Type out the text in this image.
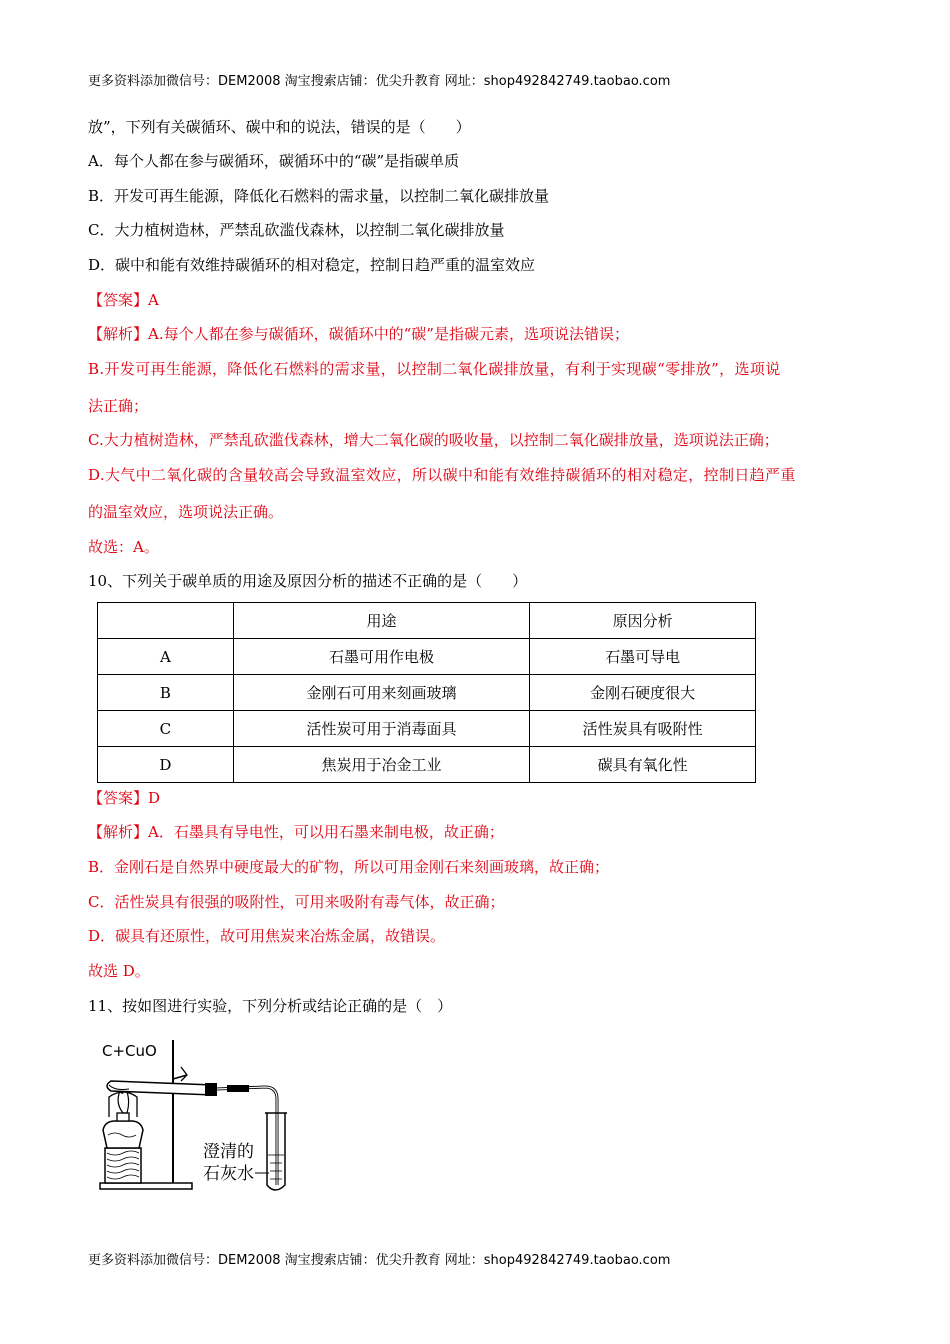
更多资料添加微信号：DEM2008 淘宝搜索店铺：优尖升教育 网址：shop492842749.taobao.com
放”，下列有关碳循环、碳中和的说法，错误的是（　　）
A．每个人都在参与碳循环，碳循环中的“碳”是指碳单质
B．开发可再生能源，降低化石燃料的需求量，以控制二氧化碳排放量
C．大力植树造林，严禁乱砍滥伐森林，以控制二氧化碳排放量
D．碳中和能有效维持碳循环的相对稳定，控制日趋严重的温室效应
【答案】A
【解析】A.每个人都在参与碳循环，碳循环中的“碳”是指碳元素，选项说法错误；
B.开发可再生能源，降低化石燃料的需求量，以控制二氧化碳排放量，有利于实现碳“零排放”，选项说
法正确；
C.大力植树造林，严禁乱砍滥伐森林，增大二氧化碳的吸收量，以控制二氧化碳排放量，选项说法正确；
D.大气中二氧化碳的含量较高会导致温室效应，所以碳中和能有效维持碳循环的相对稳定，控制日趋严重
的温室效应，选项说法正确。
故选：A。
10、下列关于碳单质的用途及原因分析的描述不正确的是（　　）
	用途	原因分析
A	石墨可用作电极	石墨可导电
B	金刚石可用来刻画玻璃	金刚石硬度很大
C	活性炭可用于消毒面具	活性炭具有吸附性
D	焦炭用于冶金工业	碳具有氧化性
【答案】D
【解析】A．石墨具有导电性，可以用石墨来制电极，故正确；
B．金刚石是自然界中硬度最大的矿物，所以可用金刚石来刻画玻璃，故正确；
C．活性炭具有很强的吸附性，可用来吸附有毒气体，故正确；
D．碳具有还原性，故可用焦炭来冶炼金属，故错误。
故选 D。
11、按如图进行实验，下列分析或结论正确的是（　）
C+CuO
澄清的
石灰水
更多资料添加微信号：DEM2008 淘宝搜索店铺：优尖升教育 网址：shop492842749.taobao.com
